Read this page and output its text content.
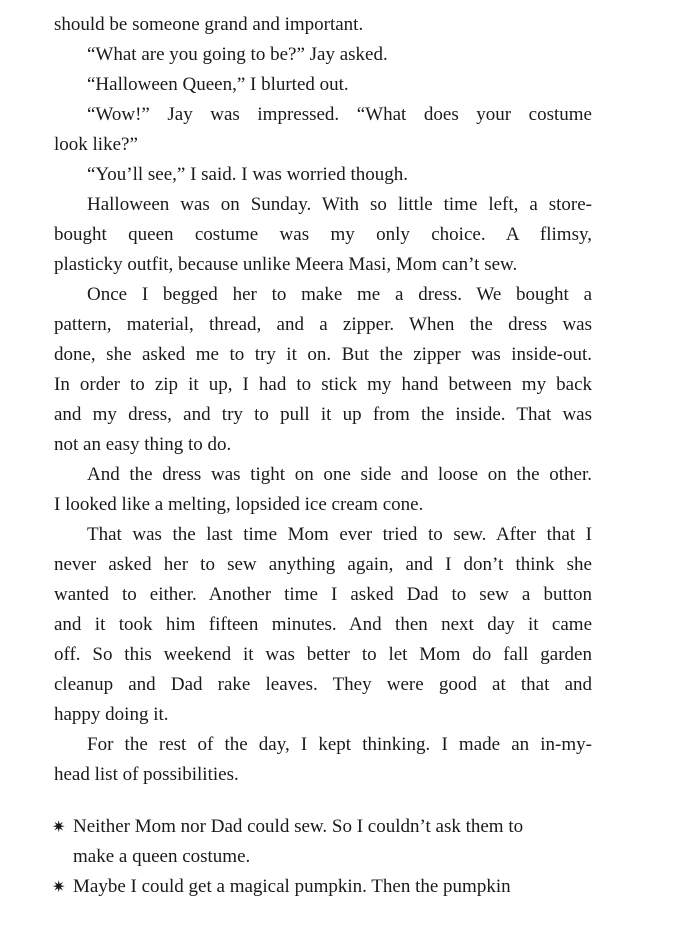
should be someone grand and important.
“What are you going to be?” Jay asked.
“Halloween Queen,” I blurted out.
“Wow!” Jay was impressed. “What does your costume
look like?”
“You’ll see,” I said. I was worried though.
Halloween was on Sunday. With so little time left, a store-
bought queen costume was my only choice. A flimsy,
plasticky outfit, because unlike Meera Masi, Mom can’t sew.
Once I begged her to make me a dress. We bought a
pattern, material, thread, and a zipper. When the dress was
done, she asked me to try it on. But the zipper was inside-out.
In order to zip it up, I had to stick my hand between my back
and my dress, and try to pull it up from the inside. That was
not an easy thing to do.
And the dress was tight on one side and loose on the other.
I looked like a melting, lopsided ice cream cone.
That was the last time Mom ever tried to sew. After that I
never asked her to sew anything again, and I don’t think she
wanted to either. Another time I asked Dad to sew a button
and it took him fifteen minutes. And then next day it came
off. So this weekend it was better to let Mom do fall garden
cleanup and Dad rake leaves. They were good at that and
happy doing it.
For the rest of the day, I kept thinking. I made an in-my-
head list of possibilities.
✷ Neither Mom nor Dad could sew. So I couldn’t ask them to
make a queen costume.
✷ Maybe I could get a magical pumpkin. Then the pumpkin
